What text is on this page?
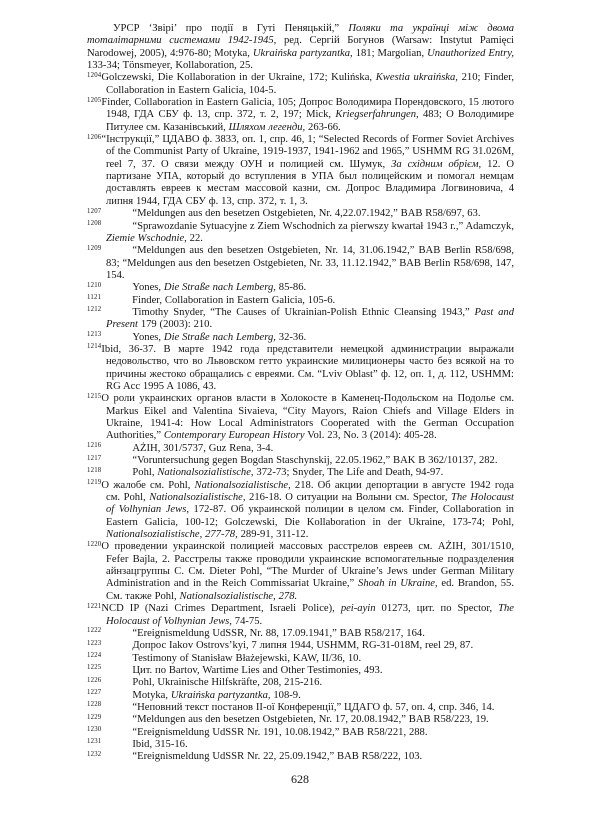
УРСР ‘Звірі’ про події в Гуті Пеняцькій,” Поляки та українці між двома тоталітарними системами 1942-1945, ред. Сергій Богунов (Warsaw: Instytut Pamięci Narodowej, 2005), 4:976-80; Motyka, Ukraińska partyzantka, 181; Margolian, Unauthorized Entry, 133-34; Tönsmeyer, Kollaboration, 25.

$^{1204}$Golczewski, Die Kollaboration in der Ukraine, 172; Kulińska, Kwestia ukraińska, 210; Finder, Collaboration in Eastern Galicia, 104-5.

$^{1205}$Finder, Collaboration in Eastern Galicia, 105; Допрос Володимира Порендовского, 15 лютого 1948, ГДА СБУ ф. 13, спр. 372, т. 2, 197; Mick, Kriegserfahrungen, 483; О Володимире Питулее см. Казанівський, Шляхом легенди, 263-66.

$^{1206}$“Інструкції,” ЦДАВО ф. 3833, оп. 1, спр. 46, 1; “Selected Records of Former Soviet Archives of the Communist Party of Ukraine, 1919-1937, 1941-1962 and 1965,” USHMM RG 31.026M, reel 7, 37. О связи между ОУН и полицией см. Шумук, За східним обрієм, 12. О партизане УПА, который до вступления в УПА был полицейским и помогал немцам доставлять евреев к местам массовой казни, см. Допрос Владимира Логвиновича, 4 липня 1944, ГДА СБУ ф. 13, спр. 372, т. 1, 3.

$^{1207}$	“Meldungen aus den besetzen Ostgebieten, Nr. 4,22.07.1942,” BAB R58/697, 63.

$^{1208}$	“Sprawozdanie Sytuacyjne z Ziem Wschodnich za pierwszy kwartał 1943 r.,” Adamczyk, Ziemie Wschodnie, 22.

$^{1209}$	“Meldungen aus den besetzen Ostgebieten, Nr. 14, 31.06.1942,” BAB Berlin R58/698, 83; “Meldungen aus den besetzen Ostgebieten, Nr. 33, 11.12.1942,” BAB Berlin R58/698, 147, 154.

$^{1210}$	Yones, Die Straße nach Lemberg, 85-86.

$^{1121}$	Finder, Collaboration in Eastern Galicia, 105-6.

$^{1212}$	Timothy Snyder, “The Causes of Ukrainian-Polish Ethnic Cleansing 1943,” Past and Present 179 (2003): 210.

$^{1213}$	Yones, Die Straße nach Lemberg, 32-36.

$^{1214}$Ibid, 36-37. В марте 1942 года представители немецкой администрации выражали недовольство, что во Львовском гетто украинские милиционеры часто без всякой на то причины жестоко обращались с евреями. См. “Lviv Oblast” ф. 12, оп. 1, д. 112, USHMM: RG Acc 1995 A 1086, 43.

$^{1215}$О роли украинских органов власти в Холокосте в Каменец-Подольском на Подолье см. Markus Eikel and Valentina Sivaieva, “City Mayors, Raion Chiefs and Village Elders in Ukraine, 1941-4: How Local Administrators Cooperated with the German Occupation Authorities,” Contemporary European History Vol. 23, No. 3 (2014): 405-28.

$^{1216}$	AŻIH, 301/5737, Guz Rena, 3-4.

$^{1217}$	“Voruntersuchung gegen Bogdan Staschynskij, 22.05.1962,” BAK B 362/10137, 282.

$^{1218}$	Pohl, Nationalsozialistische, 372-73; Snyder, The Life and Death, 94-97.

$^{1219}$О жалобе см. Pohl, Nationalsozialistische, 218. Об акции депортации в августе 1942 года см. Pohl, Nationalsozialistische, 216-18. О ситуации на Волыни см. Spector, The Holocaust of Volhynian Jews, 172-87. Об украинской полиции в целом см. Finder, Collaboration in Eastern Galicia, 100-12; Golczewski, Die Kollaboration in der Ukraine, 173-74; Pohl, Nationalsozialistische, 277-78, 289-91, 311-12.

$^{1220}$О проведении украинской полицией массовых расстрелов евреев см. AŻIH, 301/1510, Fefer Bajla, 2. Расстрелы также проводили украинские вспомогательные подразделения айнзацгруппы C. См. Dieter Pohl, “The Murder of Ukraine’s Jews under German Military Administration and in the Reich Commissariat Ukraine,” Shoah in Ukraine, ed. Brandon, 55. См. также Pohl, Nationalsozialistische, 278.

$^{1221}$NCD IP (Nazi Crimes Department, Israeli Police), pei-ayin 01273, цит. по Spector, The Holocaust of Volhynian Jews, 74-75.

$^{1222}$	“Ereignismeldung UdSSR, Nr. 88, 17.09.1941,” BAB R58/217, 164.

$^{1223}$	Допрос Iakov Ostrovs’kyi, 7 липня 1944, USHMM, RG-31-018M, reel 29, 87.

$^{1224}$	Testimony of Stanisław Błażejewski, KAW, II/36, 10.

$^{1225}$	Цит. по Bartov, Wartime Lies and Other Testimonies, 493.

$^{1226}$	Pohl, Ukrainische Hilfskräfte, 208, 215-216.

$^{1227}$	Motyka, Ukraińska partyzantka, 108-9.

$^{1228}$	“Неповний текст постанов II-ої Конференції,” ЦДАГО ф. 57, оп. 4, спр. 346, 14.

$^{1229}$	“Meldungen aus den besetzen Ostgebieten, Nr. 17, 20.08.1942,” BAB R58/223, 19.

$^{1230}$	“Ereignismeldung UdSSR Nr. 191, 10.08.1942,” BAB R58/221, 288.

$^{1231}$	Ibid, 315-16.

$^{1232}$	“Ereignismeldung UdSSR Nr. 22, 25.09.1942,” BAB R58/222, 103.

628
